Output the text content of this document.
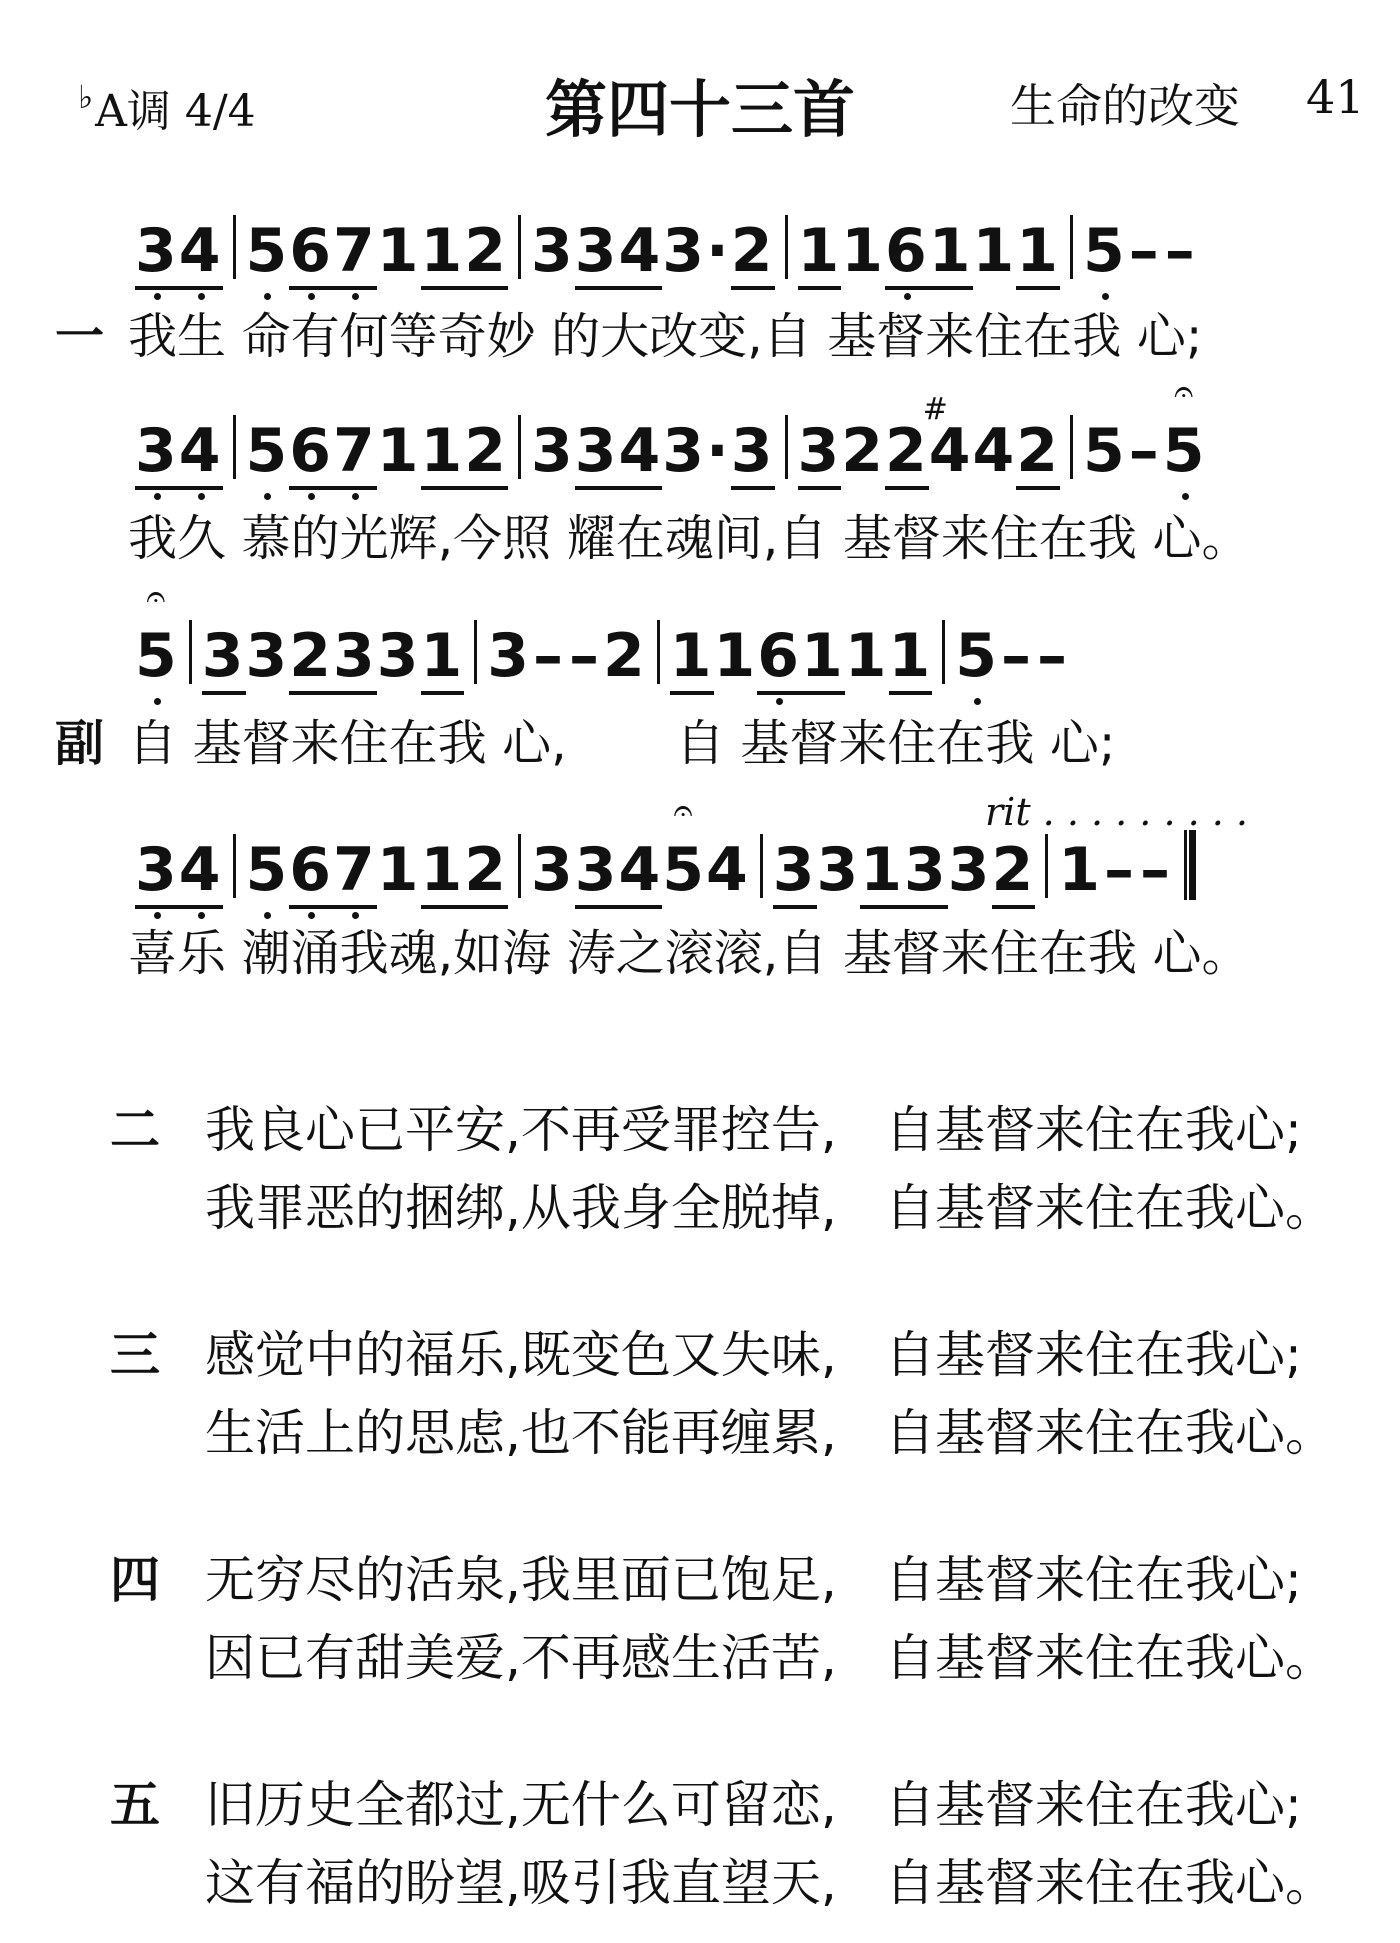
♭A调 4/4	第四十三首	生命的改变 41
34 567112 3343·2 116111 5––
一 我生 命有何等奇妙 的大改变,自 基督来住在我 心;
34 567112 3343·3 3224
#
42 5–𝄐 5
我久 慕的光辉,今照 耀在魂间,自 基督来住在我 心。
𝄐 5 332331 3––2 116111 5––
副 自 基督来住在我 心,       自 基督来住在我 心;
34 567112 334𝄐 54 331332 1––
喜乐 潮涌我魂,如海 涛之滚滚,自 基督来住在我 心。
rit . . . . . . . . .
二 我良心已平安,不再受罪控告, 自基督来住在我心;
我罪恶的捆绑,从我身全脱掉, 自基督来住在我心。
三 感觉中的福乐,既变色又失味, 自基督来住在我心;
生活上的思虑,也不能再缠累, 自基督来住在我心。
四 无穷尽的活泉,我里面已饱足, 自基督来住在我心;
因已有甜美爱,不再感生活苦, 自基督来住在我心。
五 旧历史全都过,无什么可留恋, 自基督来住在我心;
这有福的盼望,吸引我直望天, 自基督来住在我心。
